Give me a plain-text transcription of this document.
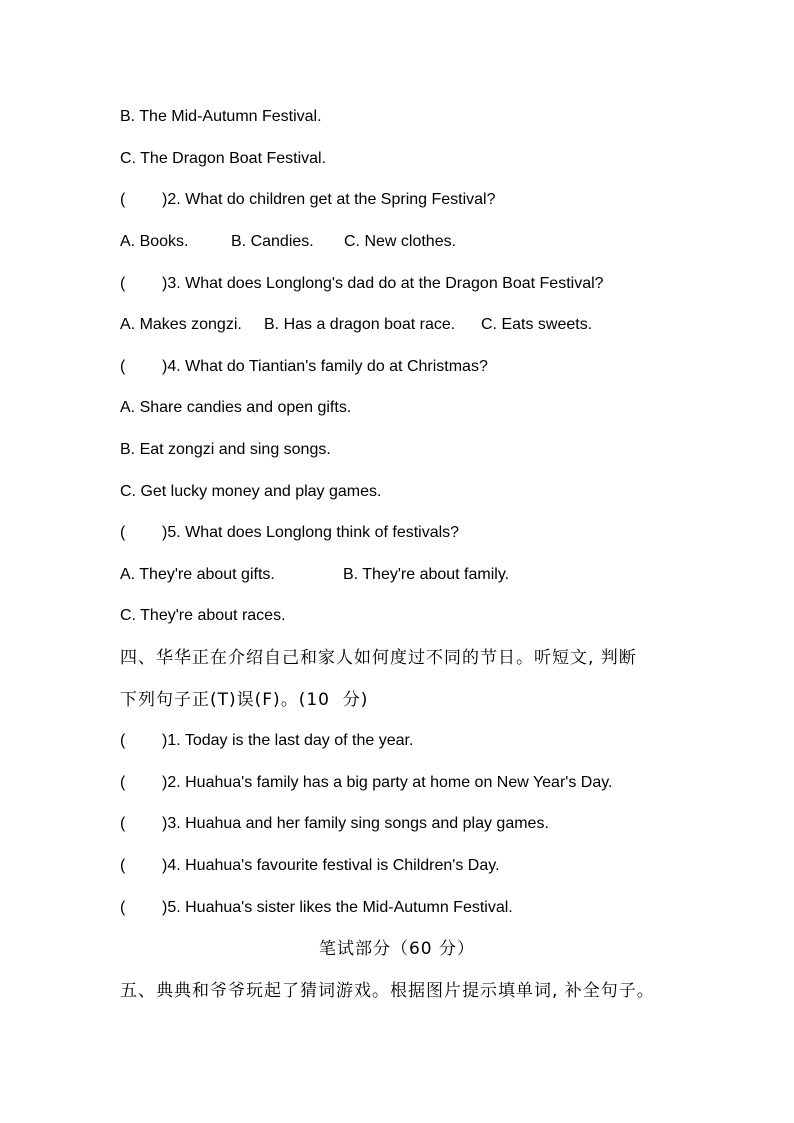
B. The Mid-Autumn Festival.
C. The Dragon Boat Festival.
( )2. What do children get at the Spring Festival?
A. Books.	B. Candies. C. New clothes.
( )3. What does Longlong's dad do at the Dragon Boat Festival?
A. Makes zongzi. B. Has a dragon boat race. C. Eats sweets.
( )4. What do Tiantian's family do at Christmas?
A. Share candies and open gifts.
B. Eat zongzi and sing songs.
C. Get lucky money and play games.
( )5. What does Longlong think of festivals?
A. They're about gifts.	B. They're about family.
C. They're about races.
四、华华正在介绍自己和家人如何度过不同的节日。听短文, 判断
下列句子正(T)误(F)。(10  分)
( )1. Today is the last day of the year.
( )2. Huahua's family has a big party at home on New Year's Day.
( )3. Huahua and her family sing songs and play games.
( )4. Huahua's favourite festival is Children's Day.
( )5. Huahua's sister likes the Mid-Autumn Festival.
笔试部分（60 分）
五、典典和爷爷玩起了猜词游戏。根据图片提示填单词, 补全句子。
